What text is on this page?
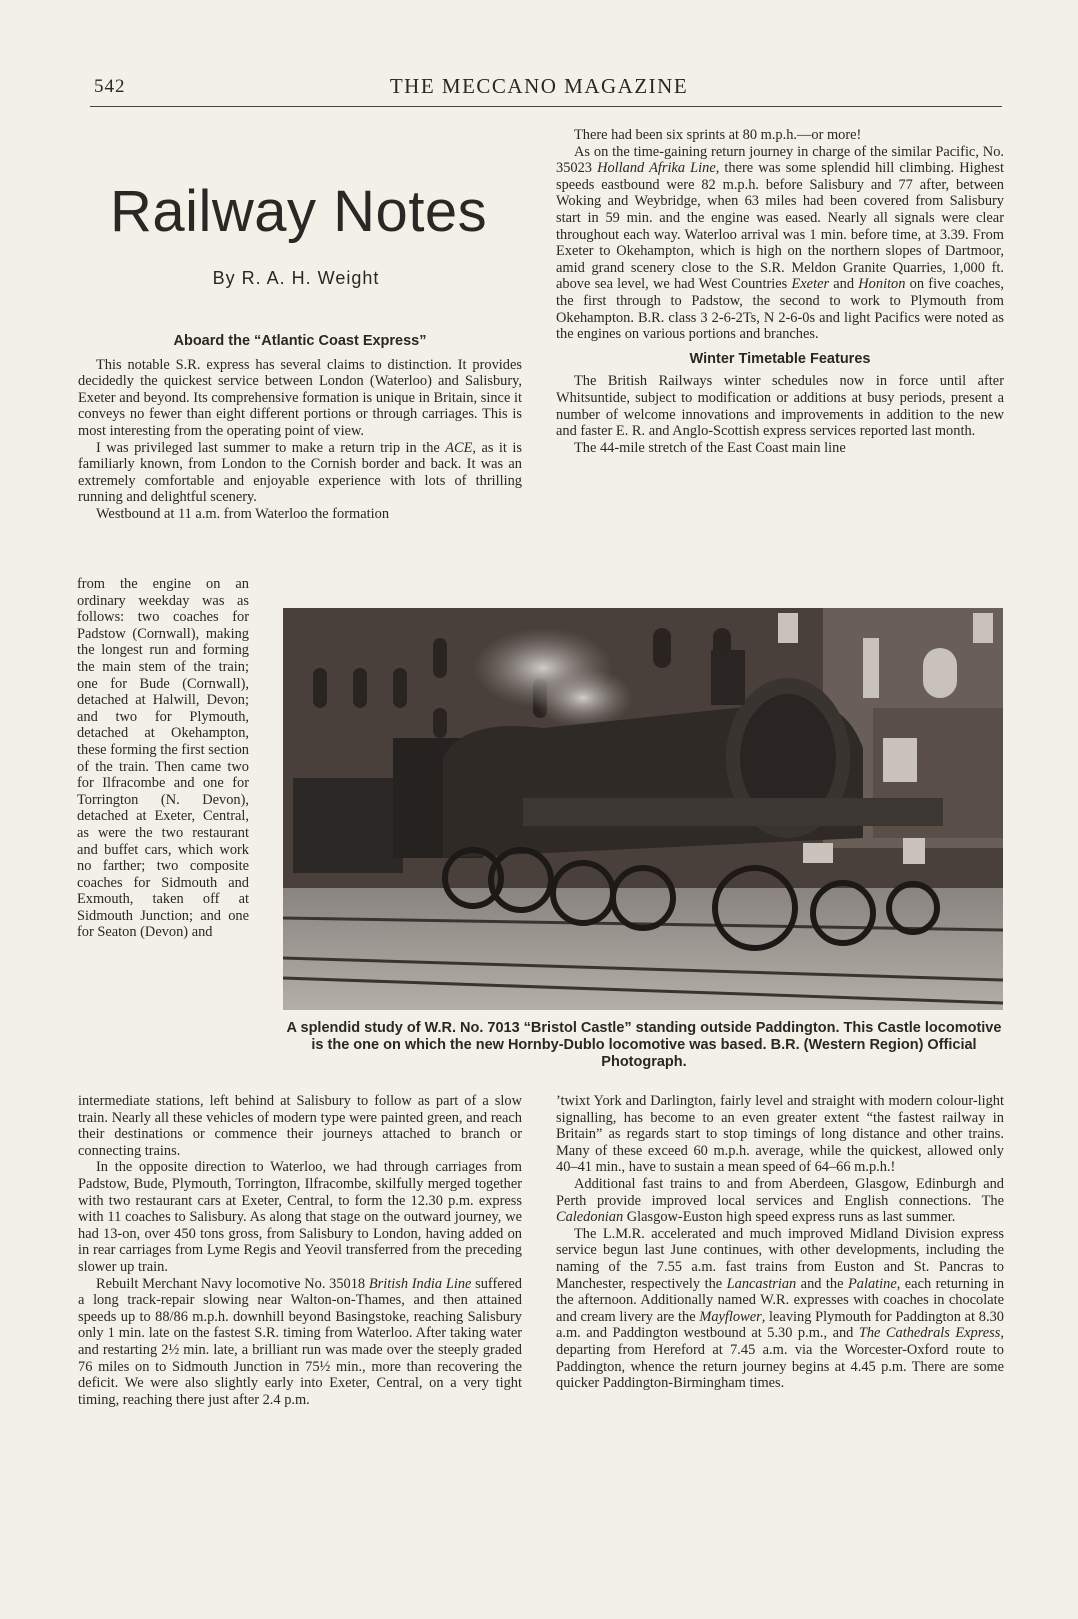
542	THE MECCANO MAGAZINE
Railway Notes
By R. A. H. Weight
Aboard the “Atlantic Coast Express”

This notable S.R. express has several claims to distinction. It provides decidedly the quickest service between London (Waterloo) and Salisbury, Exeter and beyond. Its comprehensive formation is unique in Britain, since it conveys no fewer than eight different portions or through carriages. This is most interesting from the operating point of view.

I was privileged last summer to make a return trip in the ACE, as it is familiarly known, from London to the Cornish border and back. It was an extremely comfortable and enjoyable experience with lots of thrilling running and delightful scenery.

Westbound at 11 a.m. from Waterloo the formation

from the engine on an ordinary weekday was as follows: two coaches for Padstow (Cornwall), making the longest run and forming the main stem of the train; one for Bude (Cornwall), detached at Halwill, Devon; and two for Plymouth, detached at Okehampton, these forming the first section of the train. Then came two for Ilfracombe and one for Torrington (N. Devon), detached at Exeter, Central, as were the two restaurant and buffet cars, which work no farther; two composite coaches for Sidmouth and Exmouth, taken off at Sidmouth Junction; and one for Seaton (Devon) and

intermediate stations, left behind at Salisbury to follow as part of a slow train. Nearly all these vehicles of modern type were painted green, and reach their destinations or commence their journeys attached to branch or connecting trains.

In the opposite direction to Waterloo, we had through carriages from Padstow, Bude, Plymouth, Torrington, Ilfracombe, skilfully merged together with two restaurant cars at Exeter, Central, to form the 12.30 p.m. express with 11 coaches to Salisbury. As along that stage on the outward journey, we had 13-on, over 450 tons gross, from Salisbury to London, having added on in rear carriages from Lyme Regis and Yeovil transferred from the preceding slower up train.

Rebuilt Merchant Navy locomotive No. 35018 British India Line suffered a long track-repair slowing near Walton-on-Thames, and then attained speeds up to 88/86 m.p.h. downhill beyond Basingstoke, reaching Salisbury only 1 min. late on the fastest S.R. timing from Waterloo. After taking water and restarting 2½ min. late, a brilliant run was made over the steeply graded 76 miles on to Sidmouth Junction in 75½ min., more than recovering the deficit. We were also slightly early into Exeter, Central, on a very tight timing, reaching there just after 2.4 p.m.

There had been six sprints at 80 m.p.h.—or more!

As on the time-gaining return journey in charge of the similar Pacific, No. 35023 Holland Afrika Line, there was some splendid hill climbing. Highest speeds eastbound were 82 m.p.h. before Salisbury and 77 after, between Woking and Weybridge, when 63 miles had been covered from Salisbury start in 59 min. and the engine was eased. Nearly all signals were clear throughout each way. Waterloo arrival was 1 min. before time, at 3.39. From Exeter to Okehampton, which is high on the northern slopes of Dartmoor, amid grand scenery close to the S.R. Meldon Granite Quarries, 1,000 ft. above sea level, we had West Countries Exeter and Honiton on five coaches, the first through to Padstow, the second to work to Plymouth from Okehampton. B.R. class 3 2-6-2Ts, N 2-6-0s and light Pacifics were noted as the engines on various portions and branches.

Winter Timetable Features

The British Railways winter schedules now in force until after Whitsuntide, subject to modification or additions at busy periods, present a number of welcome innovations and improvements in addition to the new and faster E. R. and Anglo-Scottish express services reported last month.

The 44-mile stretch of the East Coast main line

A splendid study of W.R. No. 7013 “Bristol Castle” standing outside Paddington. This Castle locomotive is the one on which the new Hornby-Dublo locomotive was based. B.R. (Western Region) Official Photograph.

’twixt York and Darlington, fairly level and straight with modern colour-light signalling, has become to an even greater extent “the fastest railway in Britain” as regards start to stop timings of long distance and other trains. Many of these exceed 60 m.p.h. average, while the quickest, allowed only 40–41 min., have to sustain a mean speed of 64–66 m.p.h.!

Additional fast trains to and from Aberdeen, Glasgow, Edinburgh and Perth provide improved local services and English connections. The Caledonian Glasgow-Euston high speed express runs as last summer.

The L.M.R. accelerated and much improved Midland Division express service begun last June continues, with other developments, including the naming of the 7.55 a.m. fast trains from Euston and St. Pancras to Manchester, respectively the Lancastrian and the Palatine, each returning in the afternoon. Additionally named W.R. expresses with coaches in chocolate and cream livery are the Mayflower, leaving Plymouth for Paddington at 8.30 a.m. and Paddington westbound at 5.30 p.m., and The Cathedrals Express, departing from Hereford at 7.45 a.m. via the Worcester-Oxford route to Paddington, whence the return journey begins at 4.45 p.m. There are some quicker Paddington-Birmingham times.
